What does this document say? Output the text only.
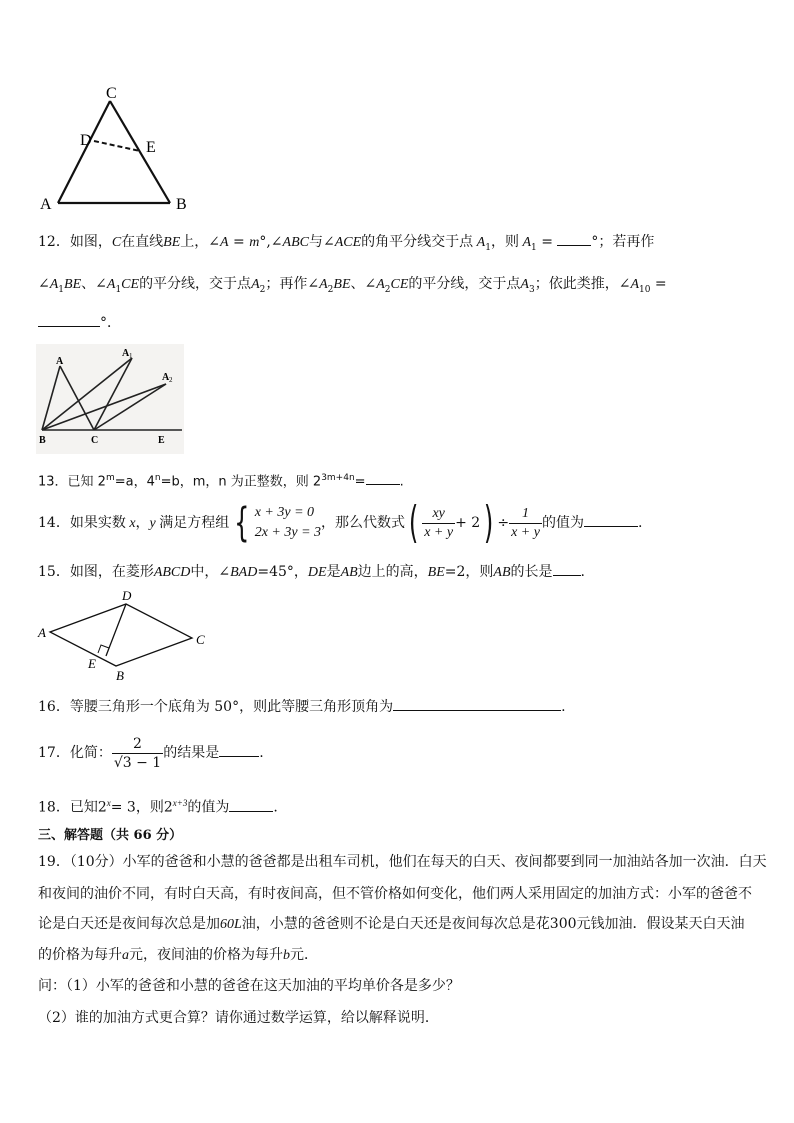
C
D	E
A	B
12．如图，C在直线BE上，∠A = m°,∠ABC与∠ACE的角平分线交于点 $A_1$，则 $A_1$ = °；若再作
$\angle A_1BE$、$\angle A_1CE$的平分线，交于点$A_2$；再作$\angle A_2BE$、$\angle A_2CE$的平分线，交于点$A_3$；依此类推，$\angle A_{10}$ =
°．
A
A 1
A 2
B	C	E
13．已知 $2^m=a$，$4^n=b$，m，n 为正整数，则 $2^{3m+4n}=$	.
14．如果实数 x，y 满足方程组 { x + 3y = 0
2x + 3y = 3
，那么代数式( $\frac{xy}{x + y} + 2) \div \frac{1}{x + y}$ 的值为	.
15．如图，在菱形ABCD中，∠BAD=45°，DE是AB边上的高，BE=2，则AB的长是 .
A
D
C
E
B
16．等腰三角形一个底角为 50°，则此等腰三角形顶角为	.
17．化简： $\frac{2}{√3 - 1}$ 的结果是	.
18．已知$2^x= 3$，则$2^{x+3}$的值为	.
三、解答题（共 66 分）
19．（10分）小军的爸爸和小慧的爸爸都是出租车司机，他们在每天的白天、夜间都要到同一加油站各加一次油．白天
和夜间的油价不同，有时白天高，有时夜间高，但不管价格如何变化，他们两人采用固定的加油方式：小军的爸爸不
论是白天还是夜间每次总是加60L油，小慧的爸爸则不论是白天还是夜间每次总是花300元钱加油．假设某天白天油
的价格为每升a元，夜间油的价格为每升b元．
问：（1）小军的爸爸和小慧的爸爸在这天加油的平均单价各是多少？
（2）谁的加油方式更合算？请你通过数学运算，给以解释说明．
